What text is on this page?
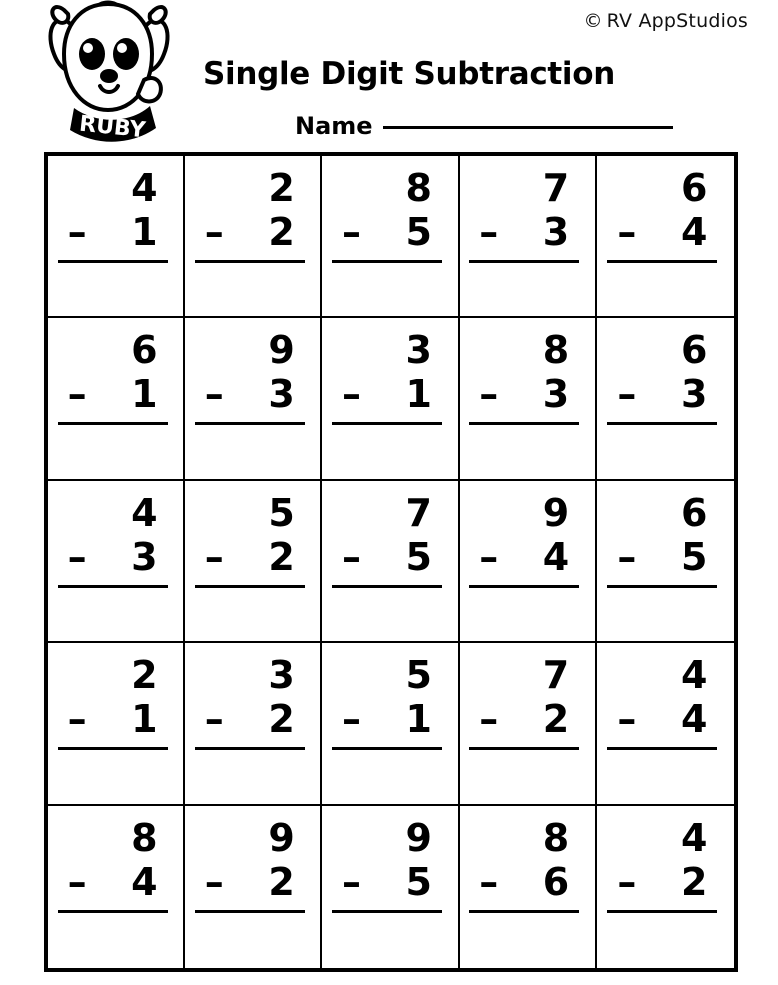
© RV AppStudios
Single Digit Subtraction
Name
RUBY
4
– 1
2
– 2
8
– 5
7
– 3
6
– 4
6
– 1
9
– 3
3
– 1
8
– 3
6
– 3
4
– 3
5
– 2
7
– 5
9
– 4
6
– 5
2
– 1
3
– 2
5
– 1
7
– 2
4
– 4
8
– 4
9
– 2
9
– 5
8
– 6
4
– 2
